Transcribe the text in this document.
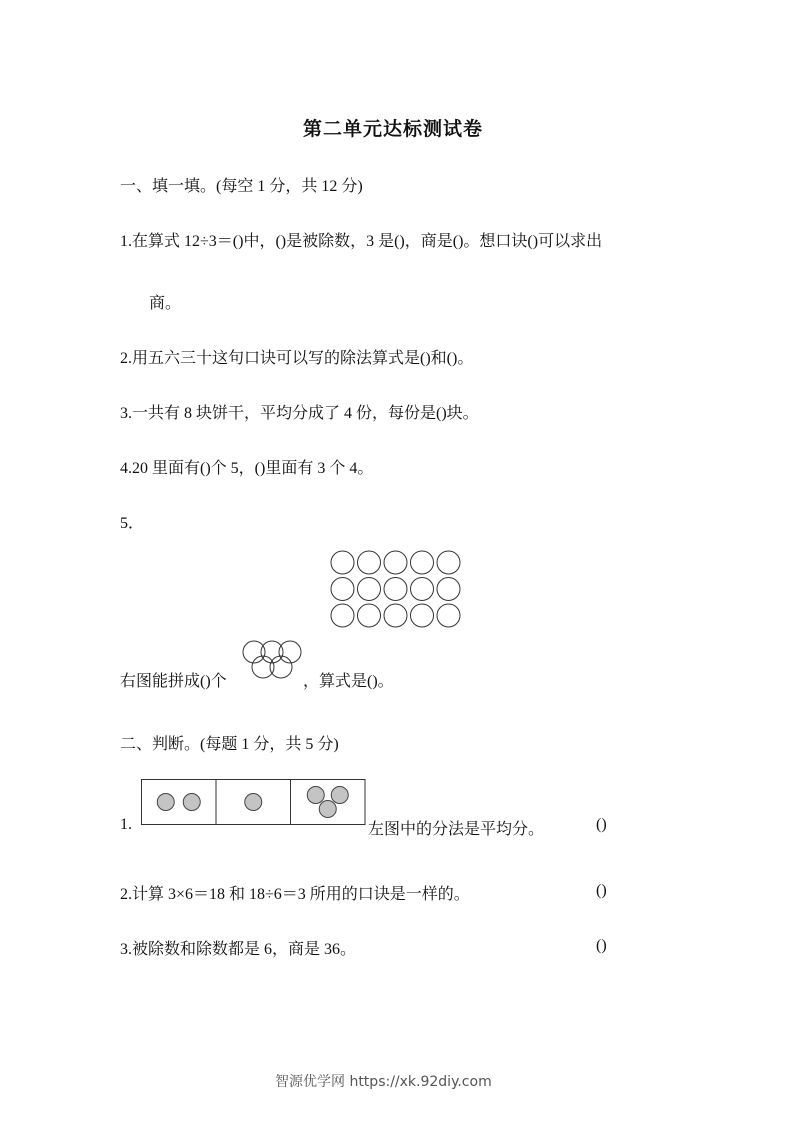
第二单元达标测试卷
一、填一填。(每空 1 分，共 12 分)
1.在算式 12÷3＝()中，()是被除数，3 是()，商是()。想口诀()可以求出
商。
2.用五六三十这句口诀可以写的除法算式是()和()。
3.一共有 8 块饼干，平均分成了 4 份，每份是()块。
4.20 里面有()个 5，()里面有 3 个 4。
5．
右图能拼成()个	，算式是()。
二、判断。(每题 1 分，共 5 分)
1.	左图中的分法是平均分。	()
2.计算 3×6＝18 和 18÷6＝3 所用的口诀是一样的。	()
3.被除数和除数都是 6，商是 36。	()
智源优学网 https://xk.92diy.com
